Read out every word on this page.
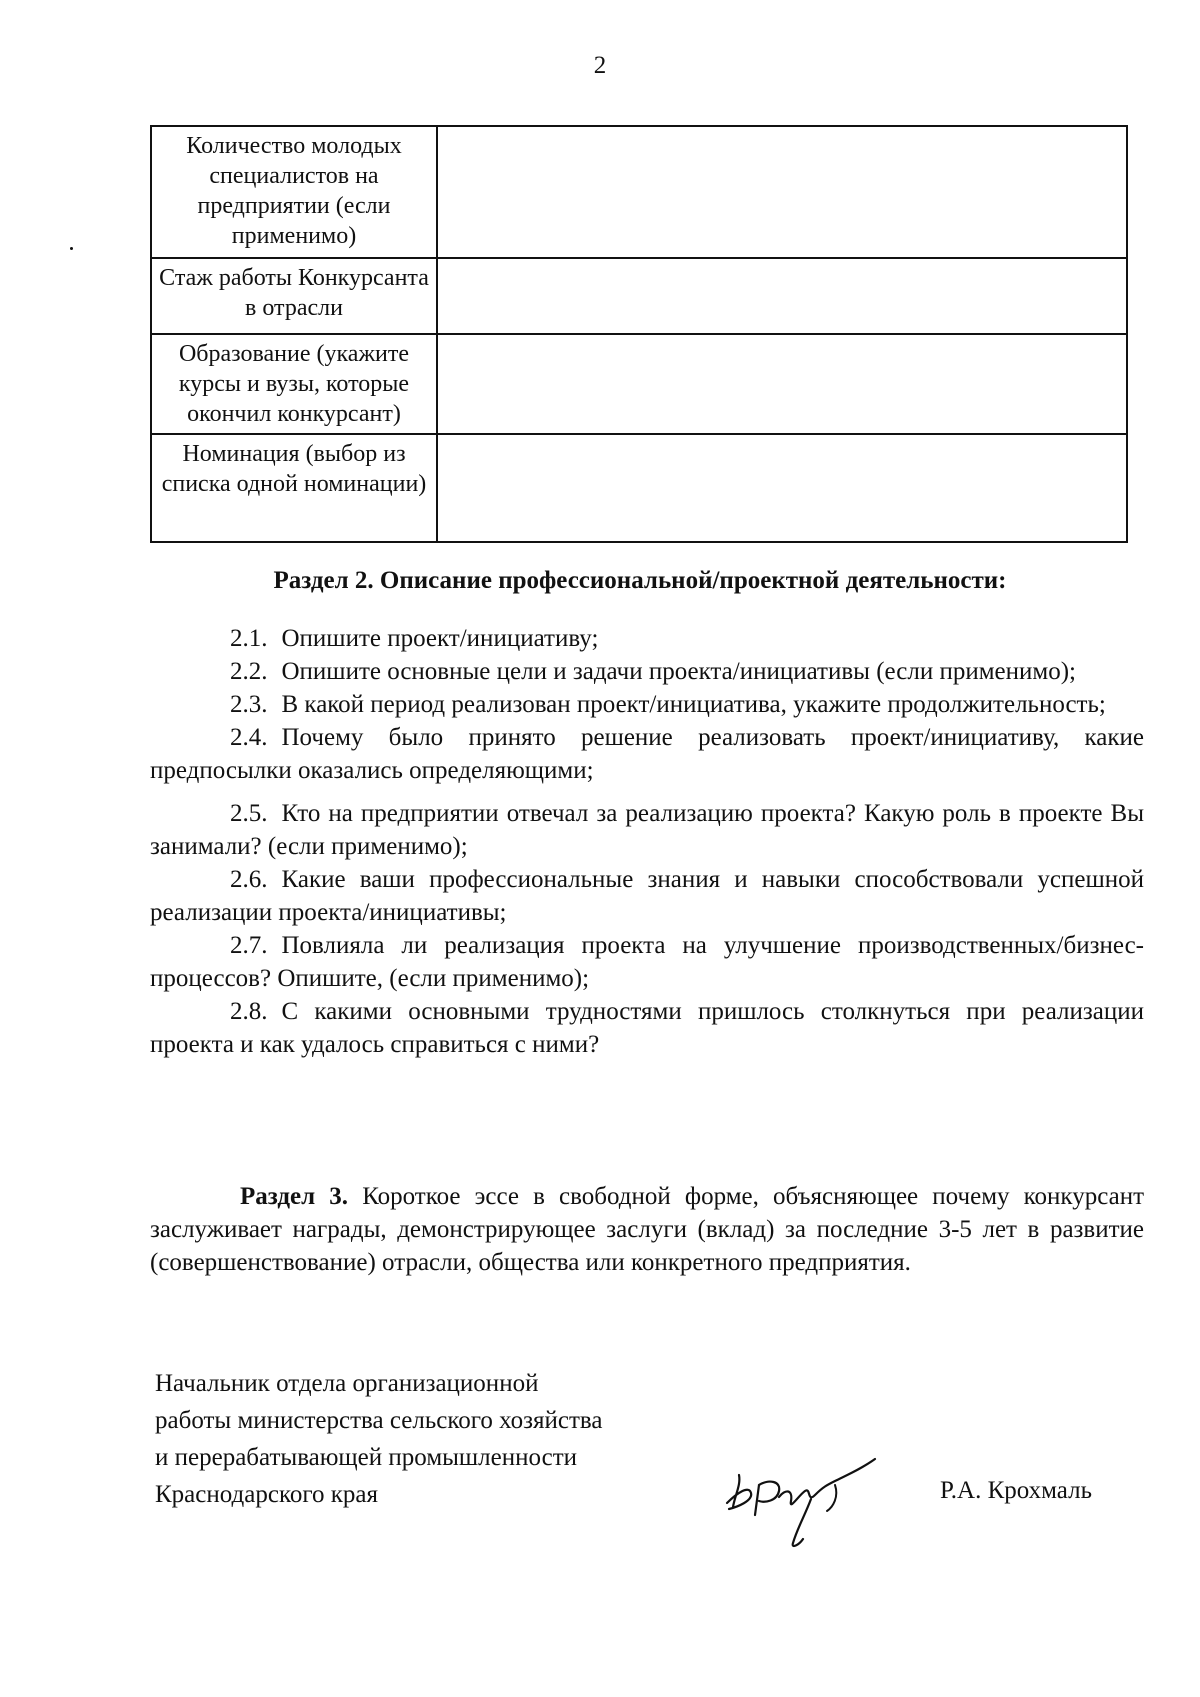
2
Количество молодых специалистов на предприятии (если применимо)	
Стаж работы Конкурсанта в отрасли	
Образование (укажите курсы и вузы, которые окончил конкурсант)	
Номинация (выбор из списка одной номинации)	
Раздел 2. Описание профессиональной/проектной деятельности:

2.1. Опишите проект/инициативу;

2.2. Опишите основные цели и задачи проекта/инициативы (если применимо);

2.3. В какой период реализован проект/инициатива, укажите продолжительность;

2.4. Почему было принято решение реализовать проект/инициативу, какие предпосылки оказались определяющими;

2.5. Кто на предприятии отвечал за реализацию проекта? Какую роль в проекте Вы занимали? (если применимо);

2.6. Какие ваши профессиональные знания и навыки способствовали успешной реализации проекта/инициативы;

2.7. Повлияла ли реализация проекта на улучшение производственных/бизнес- процессов? Опишите, (если применимо);

2.8. С какими основными трудностями пришлось столкнуться при реализации проекта и как удалось справиться с ними?

Раздел 3. Короткое эссе в свободной форме, объясняющее почему конкурсант заслуживает награды, демонстрирующее заслуги (вклад) за последние 3-5 лет в развитие (совершенствование) отрасли, общества или конкретного предприятия.

Начальник отдела организационной
работы министерства сельского хозяйства
и перерабатывающей промышленности
Краснодарского края	Р.А. Крохмаль
